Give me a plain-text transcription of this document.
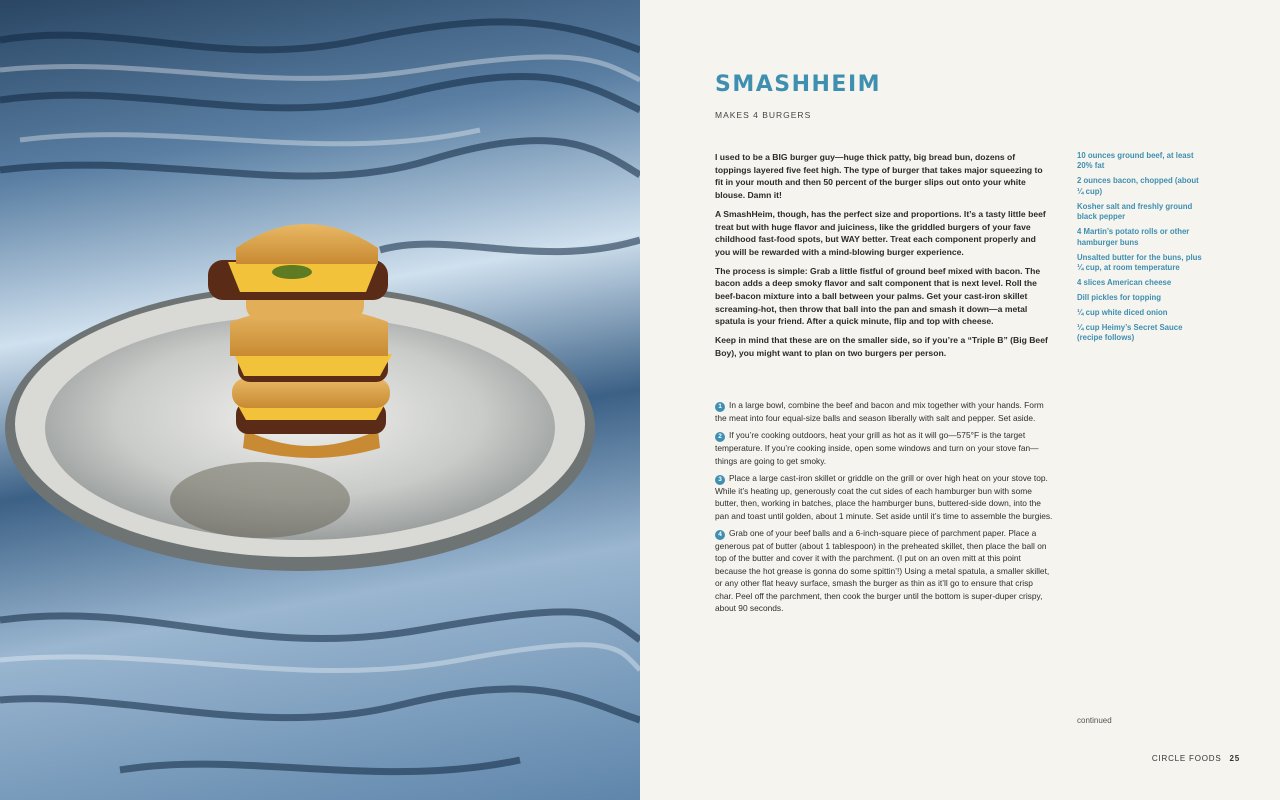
SMASHHEIM
MAKES 4 BURGERS

I used to be a BIG burger guy—huge thick patty, big bread bun, dozens of toppings layered five feet high. The type of burger that takes major squeezing to fit in your mouth and then 50 percent of the burger slips out onto your white blouse. Damn it!

A SmashHeim, though, has the perfect size and proportions. It’s a tasty little beef treat but with huge flavor and juiciness, like the griddled burgers of your fave childhood fast-food spots, but WAY better. Treat each component properly and you will be rewarded with a mind-blowing burger experience.

The process is simple: Grab a little fistful of ground beef mixed with bacon. The bacon adds a deep smoky flavor and salt component that is next level. Roll the beef-bacon mixture into a ball between your palms. Get your cast-iron skillet screaming-hot, then throw that ball into the pan and smash it down—a metal spatula is your friend. After a quick minute, flip and top with cheese.

Keep in mind that these are on the smaller side, so if you’re a “Triple B” (Big Beef Boy), you might want to plan on two burgers per person.

10 ounces ground beef, at least 20% fat
2 ounces bacon, chopped (about ¼ cup)
Kosher salt and freshly ground black pepper
4 Martin’s potato rolls or other hamburger buns
Unsalted butter for the buns, plus ¼ cup, at room temperature
4 slices American cheese
Dill pickles for topping
¼ cup white diced onion
¼ cup Heimy’s Secret Sauce (recipe follows)
1 In a large bowl, combine the beef and bacon and mix together with your hands. Form the meat into four equal-size balls and season liberally with salt and pepper. Set aside.
2 If you’re cooking outdoors, heat your grill as hot as it will go—575°F is the target temperature. If you’re cooking inside, open some windows and turn on your stove fan—things are going to get smoky.
3 Place a large cast-iron skillet or griddle on the grill or over high heat on your stove top. While it’s heating up, generously coat the cut sides of each hamburger bun with some butter, then, working in batches, place the hamburger buns, buttered-side down, into the pan and toast until golden, about 1 minute. Set aside until it’s time to assemble the burgies.
4 Grab one of your beef balls and a 6-inch-square piece of parchment paper. Place a generous pat of butter (about 1 tablespoon) in the preheated skillet, then place the ball on top of the butter and cover it with the parchment. (I put on an oven mitt at this point because the hot grease is gonna do some spittin’!) Using a metal spatula, a smaller skillet, or any other flat heavy surface, smash the burger as thin as it’ll go to ensure that crisp char. Peel off the parchment, then cook the burger until the bottom is super-duper crispy, about 90 seconds.
continued
CIRCLE FOODS 25
